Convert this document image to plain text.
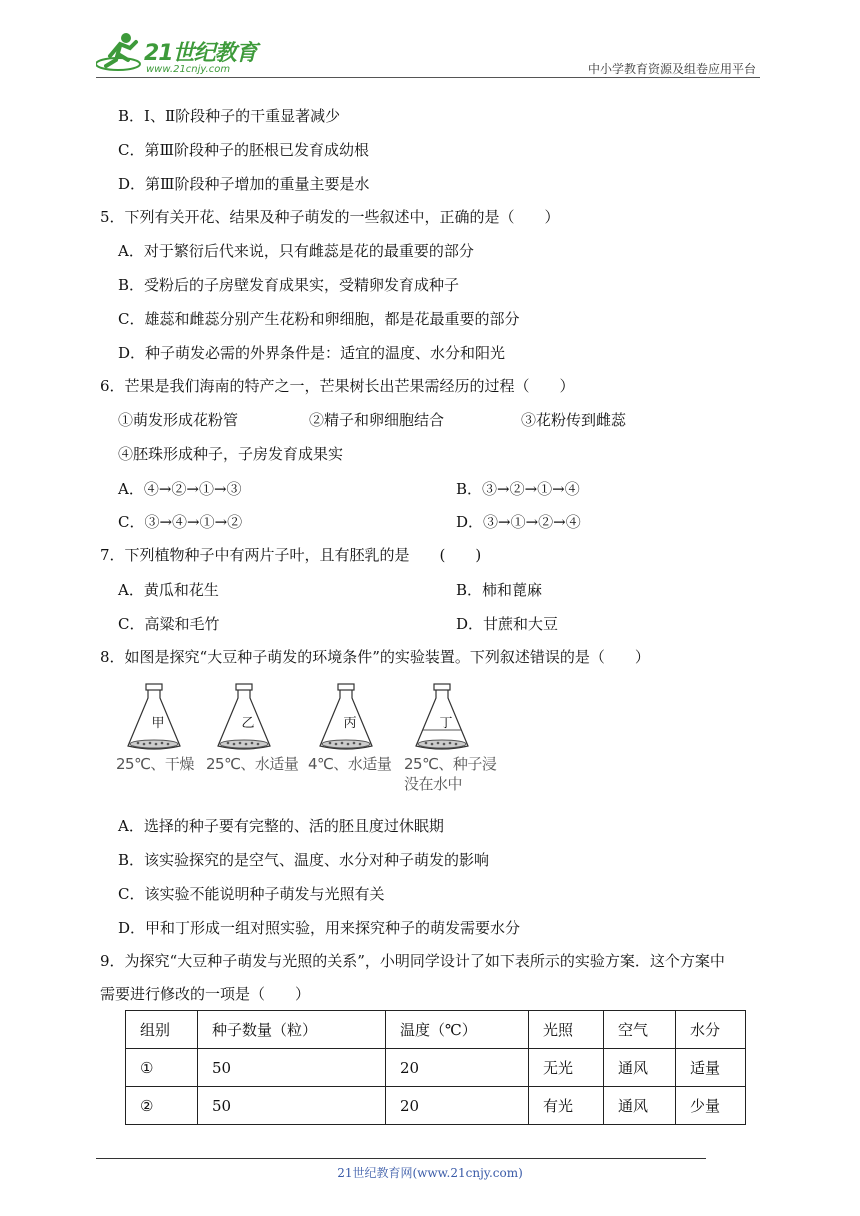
21世纪教育
www.21cnjy.com	中小学教育资源及组卷应用平台
B．Ⅰ、Ⅱ阶段种子的干重显著减少
C．第Ⅲ阶段种子的胚根已发育成幼根
D．第Ⅲ阶段种子增加的重量主要是水
5．下列有关开花、结果及种子萌发的一些叙述中，正确的是（　　）
A．对于繁衍后代来说，只有雌蕊是花的最重要的部分
B．受粉后的子房壁发育成果实，受精卵发育成种子
C．雄蕊和雌蕊分别产生花粉和卵细胞，都是花最重要的部分
D．种子萌发必需的外界条件是：适宜的温度、水分和阳光
6．芒果是我们海南的特产之一，芒果树长出芒果需经历的过程（　　）
①萌发形成花粉管	②精子和卵细胞结合	③花粉传到雌蕊
④胚珠形成种子，子房发育成果实
A．④→②→①→③	B．③→②→①→④
C．③→④→①→②	D．③→①→②→④
7．下列植物种子中有两片子叶，且有胚乳的是　　(　　)
A．黄瓜和花生	B．柿和蓖麻
C．高粱和毛竹	D．甘蔗和大豆
8．如图是探究“大豆种子萌发的环境条件”的实验装置。下列叙述错误的是（　　）
甲
25℃、干燥
乙
25℃、水适量
丙
4℃、水适量
丁
25℃、种子浸
没在水中
A．选择的种子要有完整的、活的胚且度过休眠期
B．该实验探究的是空气、温度、水分对种子萌发的影响
C．该实验不能说明种子萌发与光照有关
D．甲和丁形成一组对照实验，用来探究种子的萌发需要水分
9．为探究“大豆种子萌发与光照的关系”，小明同学设计了如下表所示的实验方案．这个方案中
需要进行修改的一项是（　　）
组别	种子数量（粒）	温度（℃）	光照	空气	水分
①	50	20	无光	通风	适量
②	50	20	有光	通风	少量
21世纪教育网(www.21cnjy.com)
